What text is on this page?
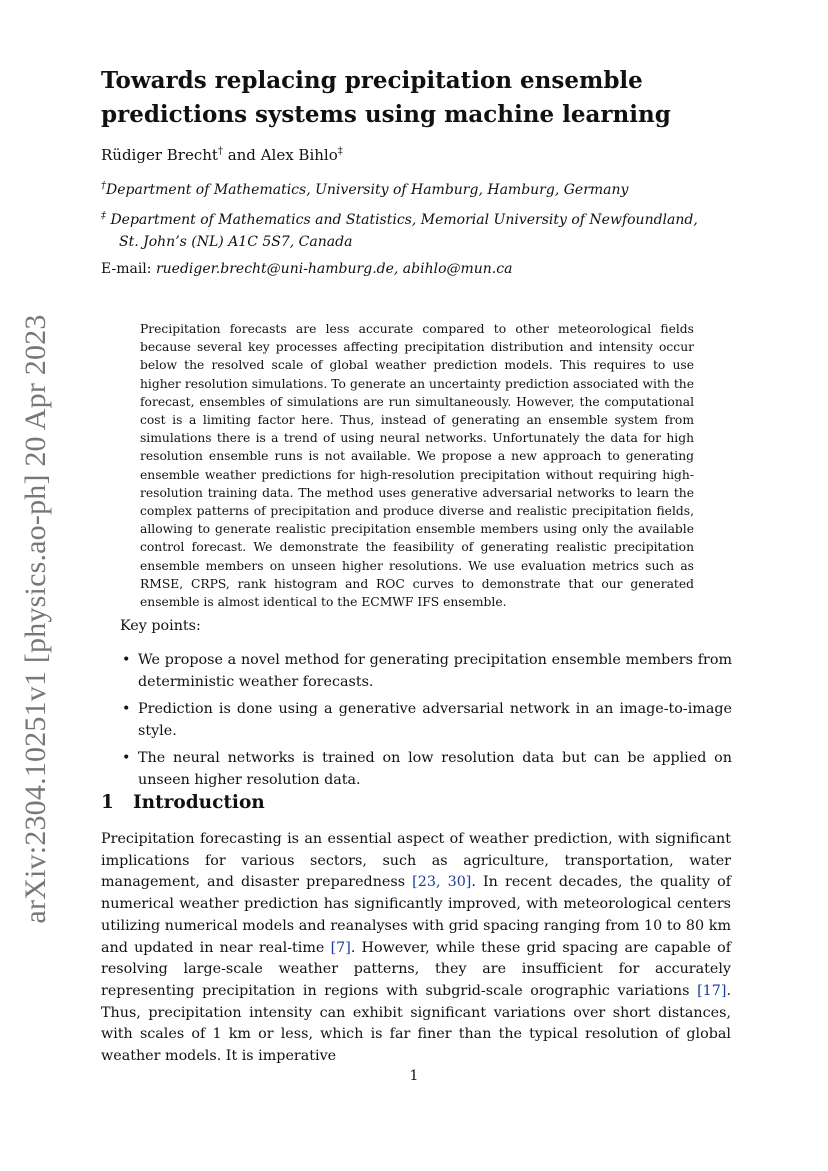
arXiv:2304.10251v1 [physics.ao-ph] 20 Apr 2023
Towards replacing precipitation ensemble predictions systems using machine learning
Rüdiger Brecht† and Alex Bihlo‡
†Department of Mathematics, University of Hamburg, Hamburg, Germany
‡ Department of Mathematics and Statistics, Memorial University of Newfoundland,
St. John’s (NL) A1C 5S7, Canada
E-mail: ruediger.brecht@uni-hamburg.de, abihlo@mun.ca

Precipitation forecasts are less accurate compared to other meteorological fields because several key processes affecting precipitation distribution and intensity occur below the resolved scale of global weather prediction models. This requires to use higher resolution simulations. To generate an uncertainty prediction associated with the forecast, ensembles of simulations are run simultaneously. However, the computational cost is a limiting factor here. Thus, instead of generating an ensemble system from simulations there is a trend of using neural networks. Unfortunately the data for high resolution ensemble runs is not available. We propose a new approach to generating ensemble weather predictions for high-resolution precipitation without requiring high-resolution training data. The method uses generative adversarial networks to learn the complex patterns of precipitation and produce diverse and realistic precipitation fields, allowing to generate realistic precipitation ensemble members using only the available control forecast. We demonstrate the feasibility of generating realistic precipitation ensemble members on unseen higher resolutions. We use evaluation metrics such as RMSE, CRPS, rank histogram and ROC curves to demonstrate that our generated ensemble is almost identical to the ECMWF IFS ensemble.

Key points:
• We propose a novel method for generating precipitation ensemble members from deterministic weather forecasts.
• Prediction is done using a generative adversarial network in an image-to-image style.
• The neural networks is trained on low resolution data but can be applied on unseen higher resolution data.
1 Introduction

Precipitation forecasting is an essential aspect of weather prediction, with significant implications for various sectors, such as agriculture, transportation, water management, and disaster preparedness [23, 30]. In recent decades, the quality of numerical weather prediction has significantly improved, with meteorological centers utilizing numerical models and reanalyses with grid spacing ranging from 10 to 80 km and updated in near real-time [7]. However, while these grid spacing are capable of resolving large-scale weather patterns, they are insufficient for accurately representing precipitation in regions with subgrid-scale orographic variations [17]. Thus, precipitation intensity can exhibit significant variations over short distances, with scales of 1 km or less, which is far finer than the typical resolution of global weather models. It is imperative

1
